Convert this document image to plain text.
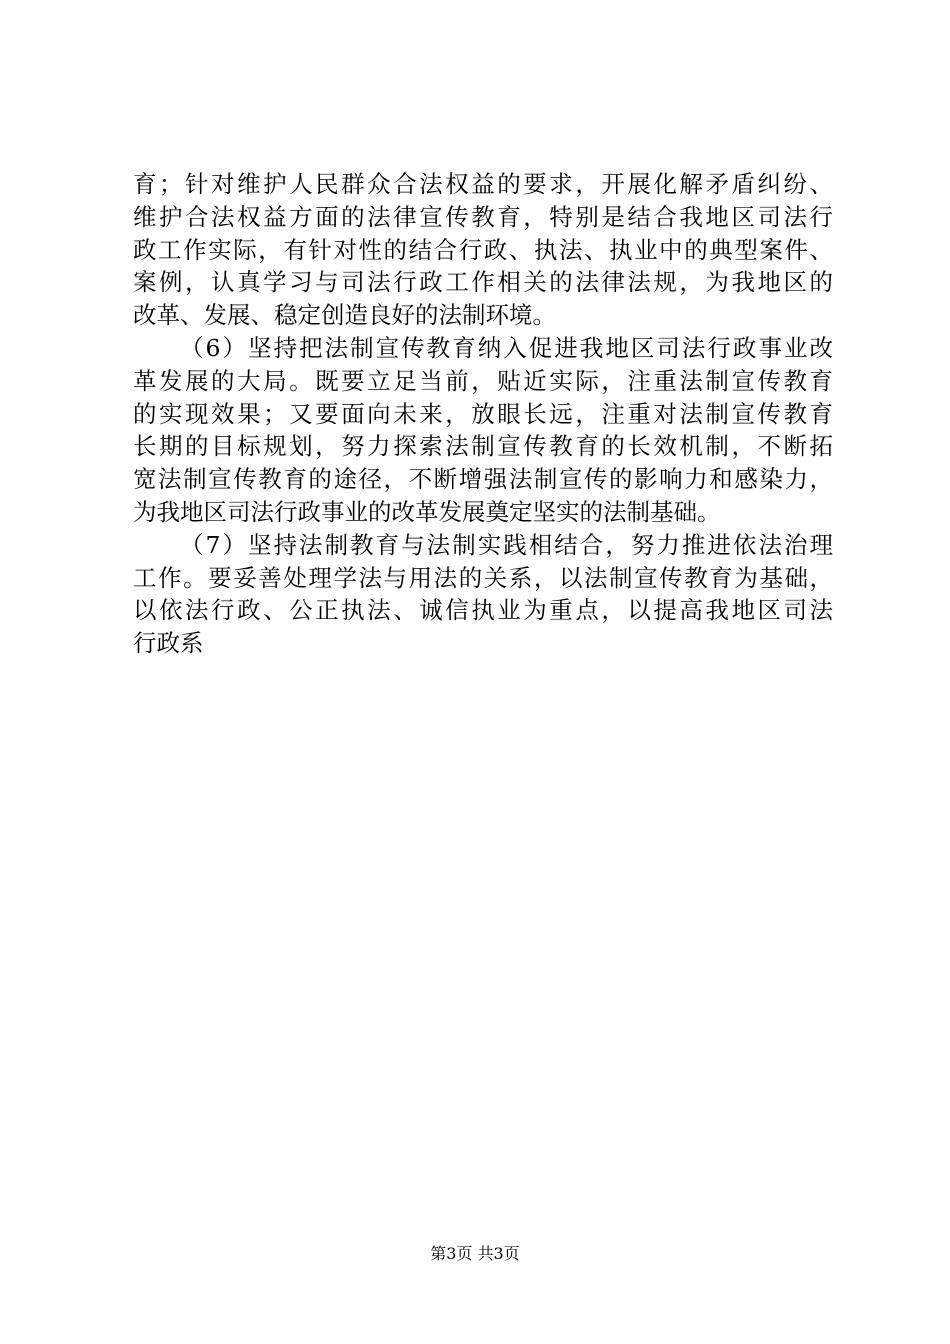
育；针对维护人民群众合法权益的要求，开展化解矛盾纠纷、
维护合法权益方面的法律宣传教育，特别是结合我地区司法行
政工作实际，有针对性的结合行政、执法、执业中的典型案件、
案例，认真学习与司法行政工作相关的法律法规，为我地区的
改革、发展、稳定创造良好的法制环境。
（6）坚持把法制宣传教育纳入促进我地区司法行政事业改
革发展的大局。既要立足当前，贴近实际，注重法制宣传教育
的实现效果；又要面向未来，放眼长远，注重对法制宣传教育
长期的目标规划，努力探索法制宣传教育的长效机制，不断拓
宽法制宣传教育的途径，不断增强法制宣传的影响力和感染力，
为我地区司法行政事业的改革发展奠定坚实的法制基础。
（7）坚持法制教育与法制实践相结合，努力推进依法治理
工作。要妥善处理学法与用法的关系，以法制宣传教育为基础，
以依法行政、公正执法、诚信执业为重点，以提高我地区司法
行政系
第3页 共3页
